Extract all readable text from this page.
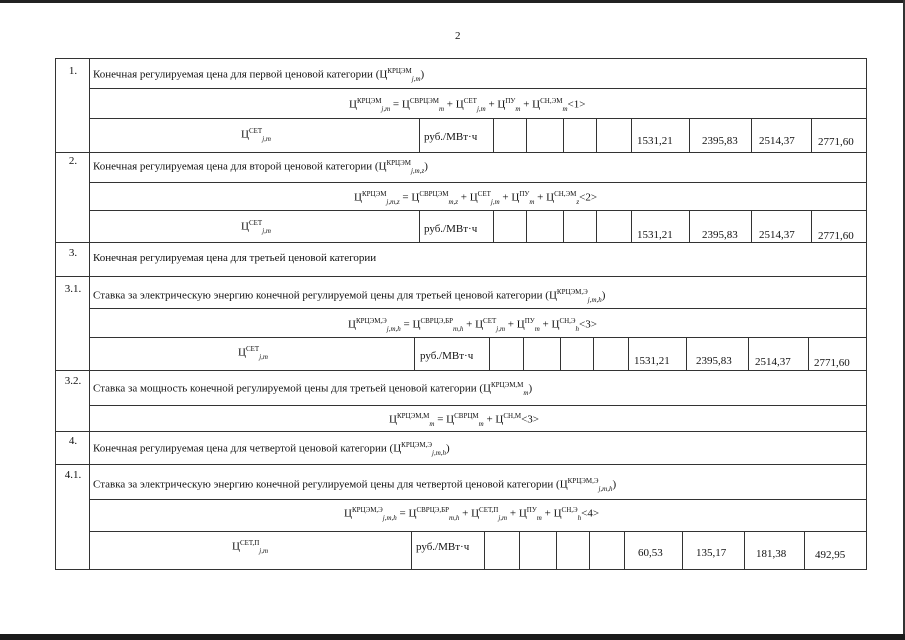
2
1.	Конечная регулируемая цена для первой ценовой категории $(Ц^{КРЦЭМ}_{j,m})$
$Ц^{КРЦЭМ}_{j,m} = Ц^{СВРЦЭМ}_m + Ц^{СЕТ}_{j,m} + Ц^{ПУ}_m + Ц^{СН,ЭМ}_m<1>$
$Ц^{СЕТ}_{j,m}$	руб./МВт·ч	1531,21	2395,83 2514,37 2771,60
2.	Конечная регулируемая цена для второй ценовой категории $(Ц^{КРЦЭМ}_{j,m,z})$
$Ц^{КРЦЭМ}_{j,m,z} = Ц^{СВРЦЭМ}_{m,z} + Ц^{СЕТ}_{j,m} + Ц^{ПУ}_m + Ц^{СН,ЭМ}_z<2>$
$Ц^{СЕТ}_{j,m}$	руб./МВт·ч	1531,21	2395,83 2514,37 2771,60
3.	Конечная регулируемая цена для третьей ценовой категории
3.1.
Ставка за электрическую энергию конечной регулируемой цены для третьей ценовой категории $(Ц^{КРЦЭМ,Э}_{j,m,h})$
$Ц^{КРЦЭМ,Э}_{j,m,h} = Ц^{СВРЦЭ,БР}_{m,h} + Ц^{СЕТ}_{j,m} + Ц^{ПУ}_m + Ц^{СН,Э}_h<3>$
$Ц^{СЕТ}_{j,m}$	руб./МВт·ч	1531,21 2395,83 2514,37 2771,60
3.2.
Ставка за мощность конечной регулируемой цены для третьей ценовой категории $(Ц^{КРЦЭМ,М}_m)$
$Ц^{КРЦЭМ,М}_m = Ц^{СВРЦМ}_m + Ц^{СН,М}<3>$
4.
Конечная регулируемая цена для четвертой ценовой категории $(Ц^{КРЦЭМ,Э}_{j,m,h})$
4.1.
Ставка за электрическую энергию конечной регулируемой цены для четвертой ценовой категории $(Ц^{КРЦЭМ,Э}_{j,m,h})$
$Ц^{КРЦЭМ,Э}_{j,m,h} = Ц^{СВРЦЭ,БР}_{m,h} + Ц^{СЕТ,П}_{j,m} + Ц^{ПУ}_m + Ц^{СН,Э}_h<4>$
$Ц^{СЕТ,П}_{j,m}$	руб./МВт·ч	60,53	135,17	181,38	492,95
